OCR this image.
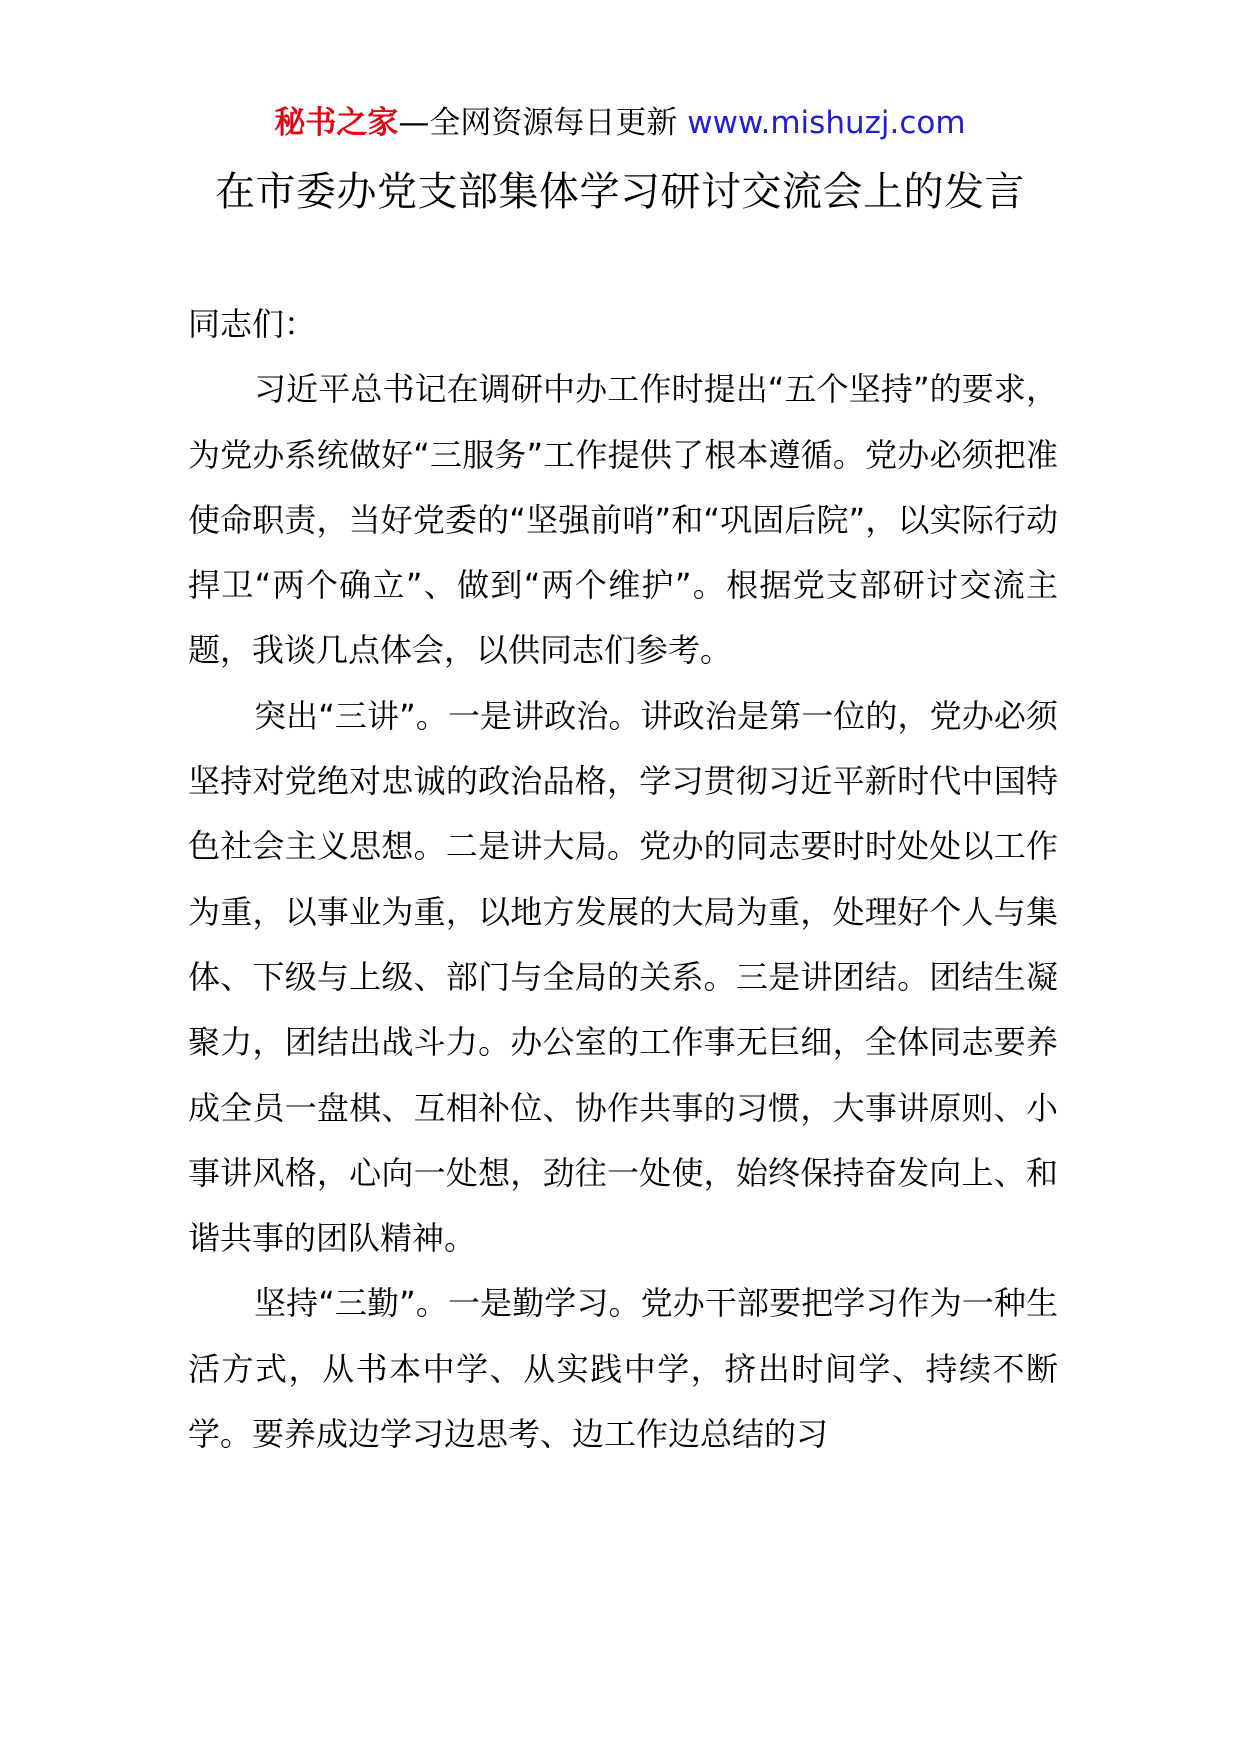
秘书之家—全网资源每日更新 www.mishuzj.com
在市委办党支部集体学习研讨交流会上的发言

同志们：

习近平总书记在调研中办工作时提出“五个坚持”的要求，为党办系统做好“三服务”工作提供了根本遵循。党办必须把准使命职责，当好党委的“坚强前哨”和“巩固后院”，以实际行动捍卫“两个确立”、做到“两个维护”。根据党支部研讨交流主题，我谈几点体会，以供同志们参考。

突出“三讲”。一是讲政治。讲政治是第一位的，党办必须坚持对党绝对忠诚的政治品格，学习贯彻习近平新时代中国特色社会主义思想。二是讲大局。党办的同志要时时处处以工作为重，以事业为重，以地方发展的大局为重，处理好个人与集体、下级与上级、部门与全局的关系。三是讲团结。团结生凝聚力，团结出战斗力。办公室的工作事无巨细，全体同志要养成全员一盘棋、互相补位、协作共事的习惯，大事讲原则、小事讲风格，心向一处想，劲往一处使，始终保持奋发向上、和谐共事的团队精神。

坚持“三勤”。一是勤学习。党办干部要把学习作为一种生活方式，从书本中学、从实践中学，挤出时间学、持续不断学。要养成边学习边思考、边工作边总结的习
